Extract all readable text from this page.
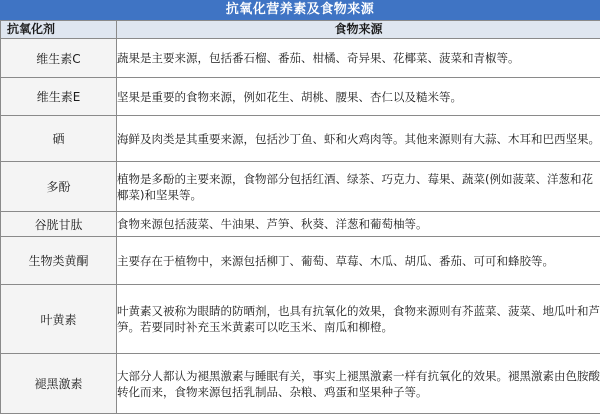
抗氧化营养素及食物来源
抗氧化剂	食物来源
维生素C	蔬果是主要来源，包括番石榴、番茄、柑橘、奇异果、花椰菜、菠菜和青椒等。
维生素E	坚果是重要的食物来源，例如花生、胡桃、腰果、杏仁以及糙米等。
硒	海鲜及肉类是其重要来源，包括沙丁鱼、虾和火鸡肉等。其他来源则有大蒜、木耳和巴西坚果。
多酚	植物是多酚的主要来源，食物部分包括红酒、绿茶、巧克力、莓果、蔬菜(例如菠菜、洋葱和花椰菜)和坚果等。
谷胱甘肽	食物来源包括菠菜、牛油果、芦笋、秋葵、洋葱和葡萄柚等。
生物类黄酮	主要存在于植物中，来源包括柳丁、葡萄、草莓、木瓜、胡瓜、番茄、可可和蜂胶等。
叶黄素	叶黄素又被称为眼睛的防晒剂，也具有抗氧化的效果，食物来源则有芥蓝菜、菠菜、地瓜叶和芦笋。若要同时补充玉米黄素可以吃玉米、南瓜和柳橙。
褪黑激素	大部分人都认为褪黑激素与睡眠有关，事实上褪黑激素一样有抗氧化的效果。褪黑激素由色胺酸转化而来，食物来源包括乳制品、杂粮、鸡蛋和坚果种子等。
